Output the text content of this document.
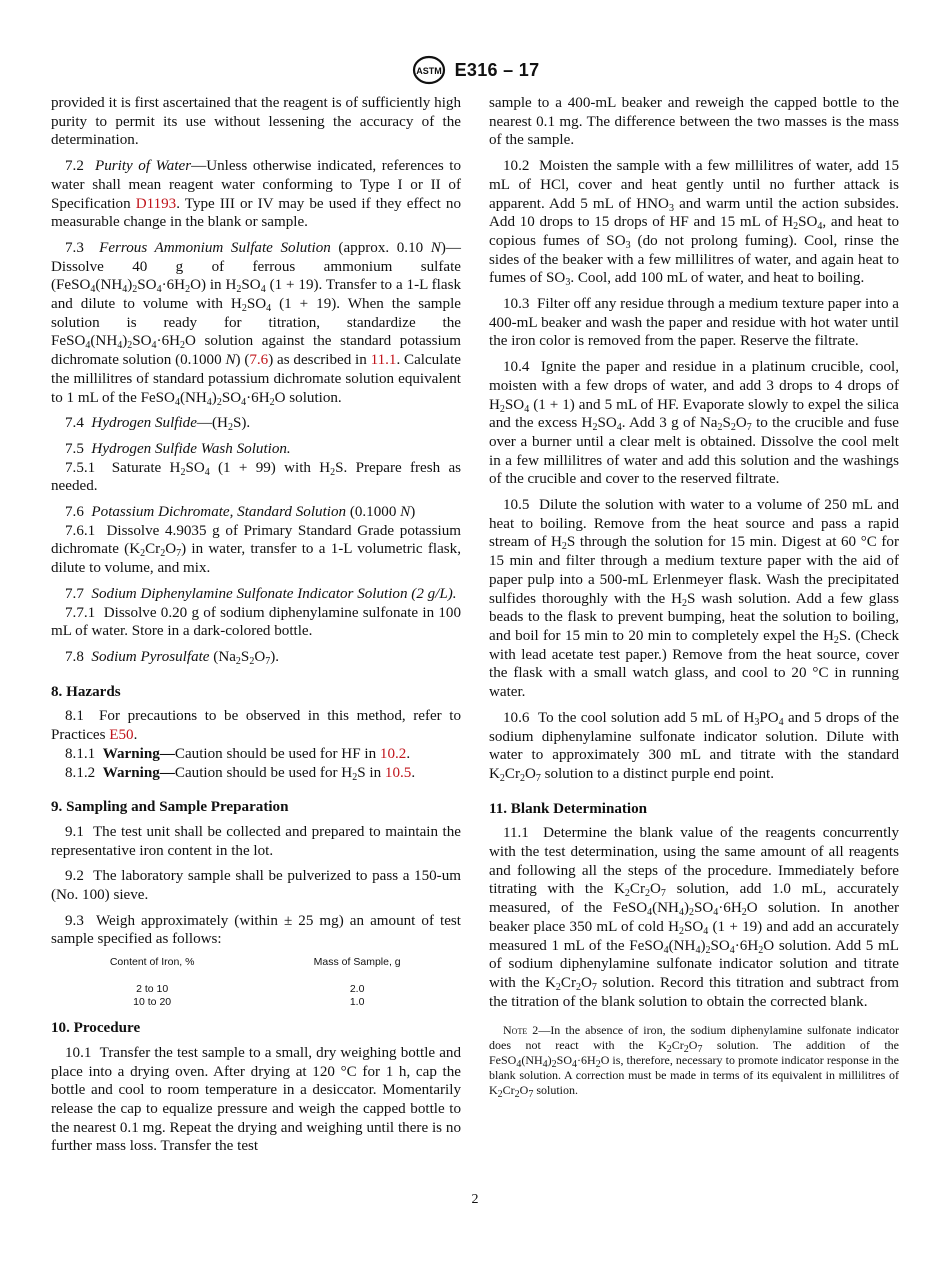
ASTM E316 – 17

provided it is first ascertained that the reagent is of sufficiently high purity to permit its use without lessening the accuracy of the determination.

7.2 Purity of Water—Unless otherwise indicated, references to water shall mean reagent water conforming to Type I or II of Specification D1193. Type III or IV may be used if they effect no measurable change in the blank or sample.

7.3 Ferrous Ammonium Sulfate Solution (approx. 0.10 N)—Dissolve 40 g of ferrous ammonium sulfate $(FeSO_4(NH_4)_2SO_4\cdot 6H_2O)$ in $H_2SO_4$ (1 + 19). Transfer to a 1-L flask and dilute to volume with $H_2SO_4$ (1 + 19). When the sample solution is ready for titration, standardize the $FeSO_4(NH_4)_2SO_4\cdot 6H_2O$ solution against the standard potassium dichromate solution (0.1000 N) (7.6) as described in 11.1. Calculate the millilitres of standard potassium dichromate solution equivalent to 1 mL of the $FeSO_4(NH_4)_2SO_4\cdot 6H_2O$ solution.

7.4 Hydrogen $Sulfide—(H_2S)$.

7.5 Hydrogen Sulfide Wash Solution.

7.5.1 Saturate $H_2SO_4$ (1 + 99) with $H_2S$. Prepare fresh as needed.

7.6 Potassium Dichromate, Standard Solution (0.1000 N)

7.6.1 Dissolve 4.9035 g of Primary Standard Grade potassium dichromate $(K_2Cr_2O_7)$ in water, transfer to a 1-L volumetric flask, dilute to volume, and mix.

7.7 Sodium Diphenylamine Sulfonate Indicator Solution (2 g/L).

7.7.1 Dissolve 0.20 g of sodium diphenylamine sulfonate in 100 mL of water. Store in a dark-colored bottle.

7.8 Sodium Pyrosulfate $(Na_2S_2O_7)$.

8. Hazards

8.1 For precautions to be observed in this method, refer to Practices E50.

8.1.1 Warning—Caution should be used for HF in 10.2.

8.1.2 Warning—Caution should be used for $H_2S$ in 10.5.

9. Sampling and Sample Preparation

9.1 The test unit shall be collected and prepared to maintain the representative iron content in the lot.

9.2 The laboratory sample shall be pulverized to pass a 150-um (No. 100) sieve.

9.3 Weigh approximately (within ± 25 mg) an amount of test sample specified as follows:

Content of Iron, %	Mass of Sample, g
2 to 10	2.0
10 to 20	1.0
10. Procedure

10.1 Transfer the test sample to a small, dry weighing bottle and place into a drying oven. After drying at 120 °C for 1 h, cap the bottle and cool to room temperature in a desiccator. Momentarily release the cap to equalize pressure and weigh the capped bottle to the nearest 0.1 mg. Repeat the drying and weighing until there is no further mass loss. Transfer the test

sample to a 400-mL beaker and reweigh the capped bottle to the nearest 0.1 mg. The difference between the two masses is the mass of the sample.

10.2 Moisten the sample with a few millilitres of water, add 15 mL of HCl, cover and heat gently until no further attack is apparent. Add 5 mL of $HNO_3$ and warm until the action subsides. Add 10 drops to 15 drops of HF and 15 mL of $H_2SO_4$, and heat to copious fumes of $SO_3$ (do not prolong fuming). Cool, rinse the sides of the beaker with a few millilitres of water, and again heat to fumes of $SO_3$. Cool, add 100 mL of water, and heat to boiling.

10.3 Filter off any residue through a medium texture paper into a 400-mL beaker and wash the paper and residue with hot water until the iron color is removed from the paper. Reserve the filtrate.

10.4 Ignite the paper and residue in a platinum crucible, cool, moisten with a few drops of water, and add 3 drops to 4 drops of $H_2SO_4$ (1 + 1) and 5 mL of HF. Evaporate slowly to expel the silica and the excess $H_2SO_4$. Add 3 g of $Na_2S_2O_7$ to the crucible and fuse over a burner until a clear melt is obtained. Dissolve the cool melt in a few millilitres of water and add this solution and the washings of the crucible and cover to the reserved filtrate.

10.5 Dilute the solution with water to a volume of 250 mL and heat to boiling. Remove from the heat source and pass a rapid stream of $H_2S$ through the solution for 15 min. Digest at 60 °C for 15 min and filter through a medium texture paper with the aid of paper pulp into a 500-mL Erlenmeyer flask. Wash the precipitated sulfides thoroughly with the $H_2S$ wash solution. Add a few glass beads to the flask to prevent bumping, heat the solution to boiling, and boil for 15 min to 20 min to completely expel the $H_2S$. (Check with lead acetate test paper.) Remove from the heat source, cover the flask with a small watch glass, and cool to 20 °C in running water.

10.6 To the cool solution add 5 mL of $H_3PO_4$ and 5 drops of the sodium diphenylamine sulfonate indicator solution. Dilute with water to approximately 300 mL and titrate with the standard $K_2Cr_2O_7$ solution to a distinct purple end point.

11. Blank Determination

11.1 Determine the blank value of the reagents concurrently with the test determination, using the same amount of all reagents and following all the steps of the procedure. Immediately before titrating with the $K_2Cr_2O_7$ solution, add 1.0 mL, accurately measured, of the $FeSO_4(NH_4)_2SO_4\cdot 6H_2O$ solution. In another beaker place 350 mL of cold $H_2SO_4$ (1 + 19) and add an accurately measured 1 mL of the $FeSO_4(NH_4)_2SO_4\cdot 6H_2O$ solution. Add 5 mL of sodium diphenylamine sulfonate indicator solution and titrate with the $K_2Cr_2O_7$ solution. Record this titration and subtract from the titration of the blank solution to obtain the corrected blank.

Note 2—In the absence of iron, the sodium diphenylamine sulfonate indicator does not react with the $K_2Cr_2O_7$ solution. The addition of the $FeSO_4(NH_4)_2SO_4\cdot 6H_2O$ is, therefore, necessary to promote indicator response in the blank solution. A correction must be made in terms of its equivalent in millilitres of $K_2Cr_2O_7$ solution.

2
